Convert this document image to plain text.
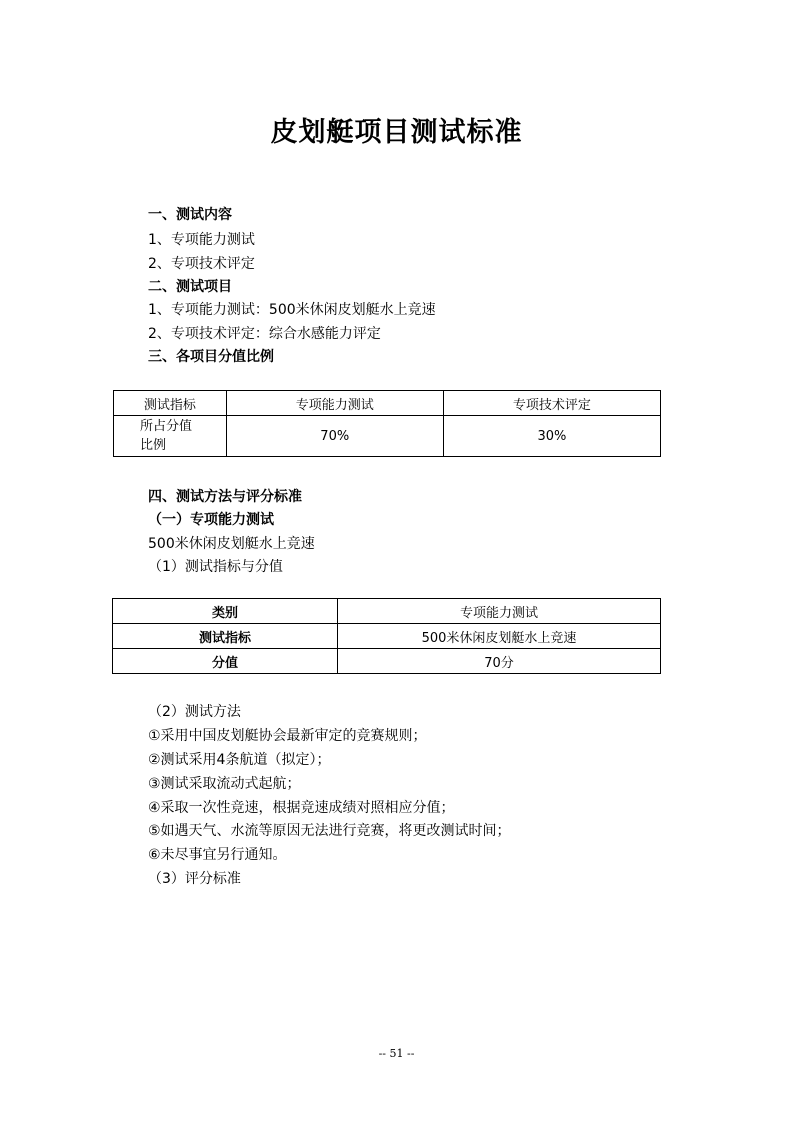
皮划艇项目测试标准
一、测试内容
1、专项能力测试
2、专项技术评定
二、测试项目
1、专项能力测试：500米休闲皮划艇水上竞速
2、专项技术评定：综合水感能力评定
三、各项目分值比例
测试指标	专项能力测试	专项技术评定

所占分值
比例	70%	30%
四、测试方法与评分标准
（一）专项能力测试
500米休闲皮划艇水上竞速
（1）测试指标与分值
类别	专项能力测试
测试指标	500米休闲皮划艇水上竞速
分值	70分
（2）测试方法
①采用中国皮划艇协会最新审定的竞赛规则；
②测试采用4条航道（拟定）；
③测试采取流动式起航；
④采取一次性竞速，根据竞速成绩对照相应分值；
⑤如遇天气、水流等原因无法进行竞赛，将更改测试时间；
⑥未尽事宜另行通知。
（3）评分标准
-- 51 --
